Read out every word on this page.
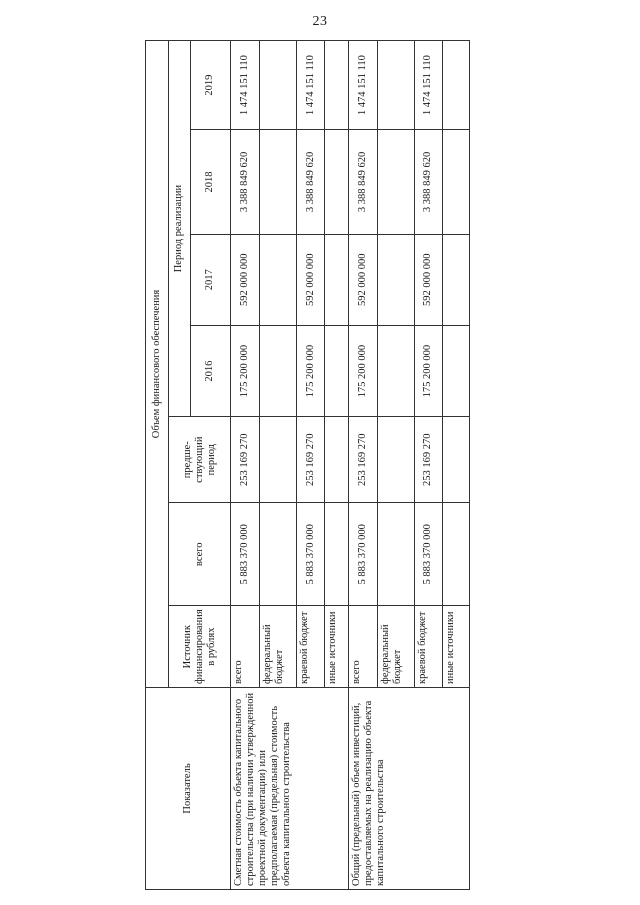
23
Показатель	Объем финансового обеспечения						
	Источник финансирования в рублях	всего	предше-ствующий период	Период реализации			
				2016	2017	2018	2019
Сметная стоимость объекта капитального строительства (при наличии утвержденной проектной документации) или предполагаемая (предельная) стоимость объекта капитального строительства	всего	5 883 370 000	253 169 270	175 200 000	592 000 000	3 388 849 620	1 474 151 110
	федеральный бюджет						
	краевой бюджет	5 883 370 000	253 169 270	175 200 000	592 000 000	3 388 849 620	1 474 151 110
	иные источники						
Общий (предельный) объем инвестиций, предоставляемых на реализацию объекта капитального строительства	всего	5 883 370 000	253 169 270	175 200 000	592 000 000	3 388 849 620	1 474 151 110
	федеральный бюджет						
	краевой бюджет	5 883 370 000	253 169 270	175 200 000	592 000 000	3 388 849 620	1 474 151 110
	иные источники						
